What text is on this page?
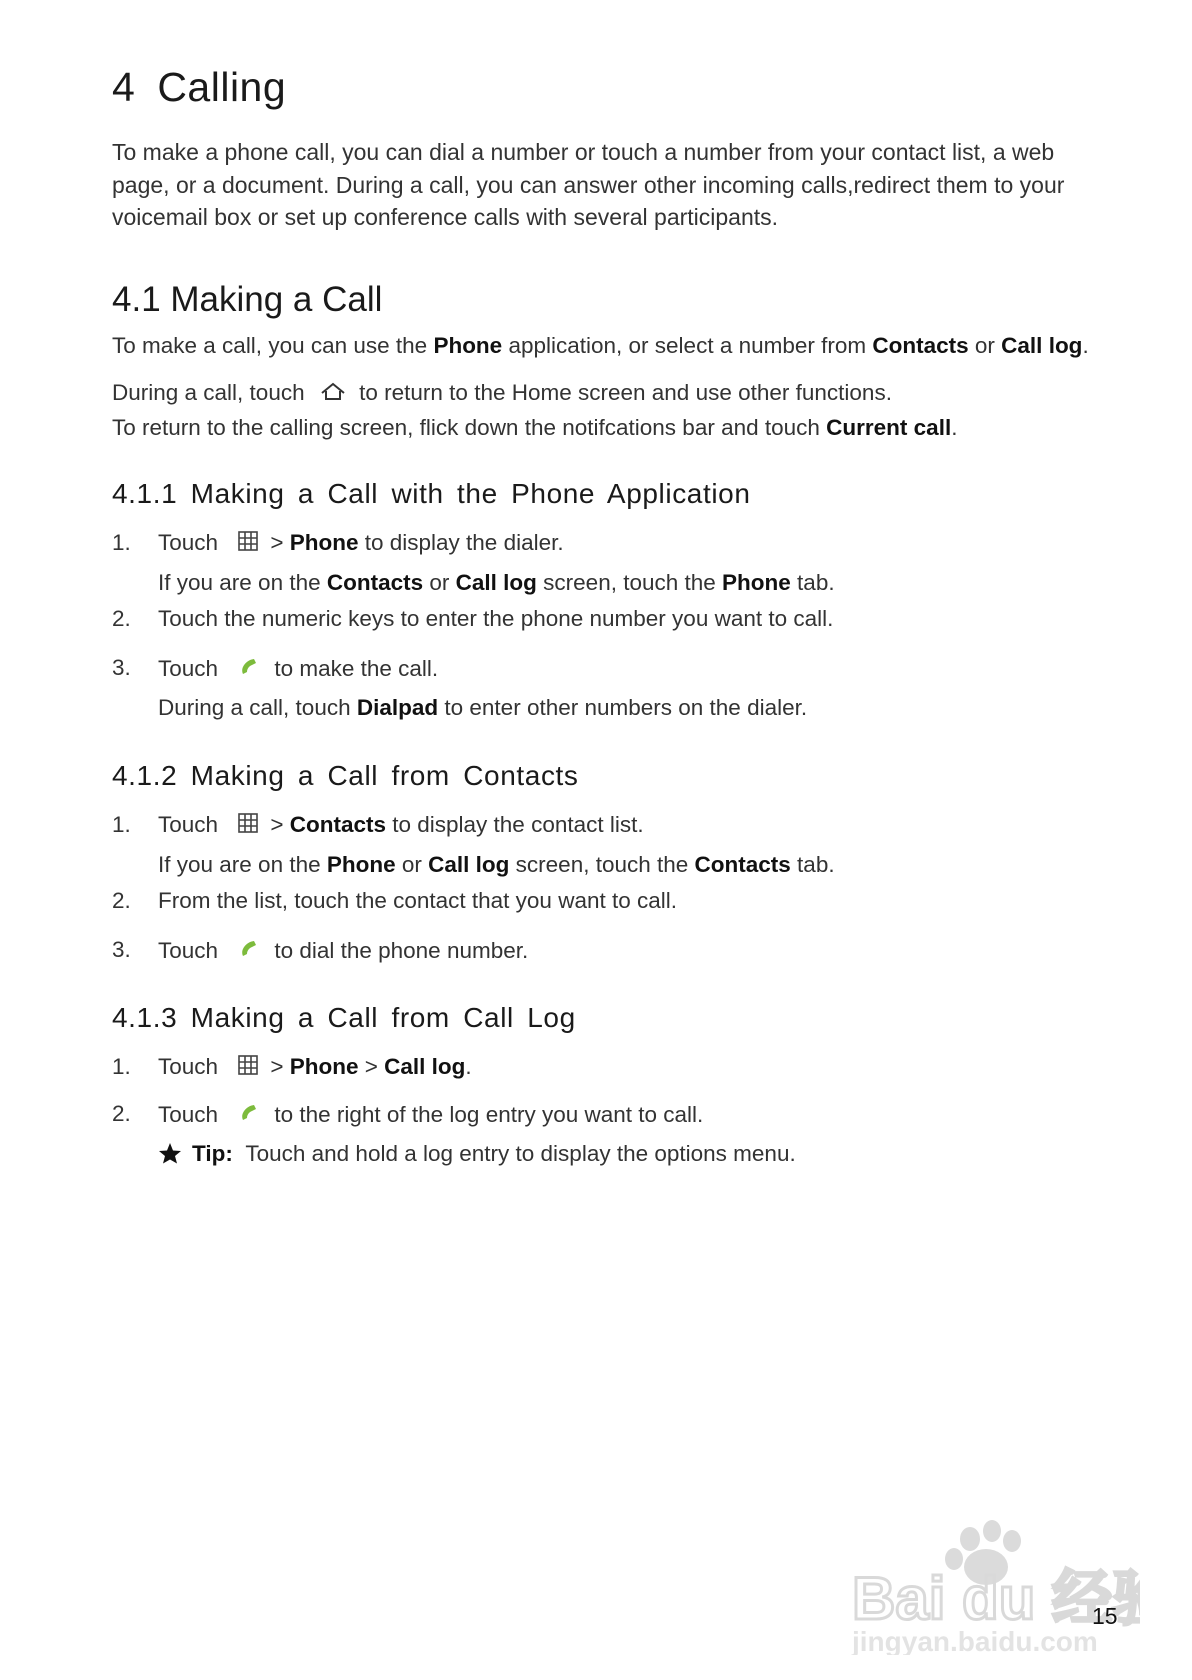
4 Calling
To make a phone call, you can dial a number or touch a number from your contact list, a web page, or a document. During a call, you can answer other incoming calls,redirect them to your voicemail box or set up conference calls with several participants.
4.1 Making a Call
To make a call, you can use the Phone application, or select a number from Contacts or Call log.
During a call, touch to return to the Home screen and use other functions.
To return to the calling screen, flick down the notifcations bar and touch Current call.
4.1.1 Making a Call with the Phone Application
1. Touch > Phone to display the dialer.
If you are on the Contacts or Call log screen, touch the Phone tab.
2. Touch the numeric keys to enter the phone number you want to call.
3. Touch	to make the call.
During a call, touch Dialpad to enter other numbers on the dialer.
4.1.2 Making a Call from Contacts
1. Touch > Contacts to display the contact list.
If you are on the Phone or Call log screen, touch the Contacts tab.
2. From the list, touch the contact that you want to call.
3. Touch	to dial the phone number.
4.1.3 Making a Call from Call Log
1. Touch > Phone > Call log.
2. Touch	to the right of the log entry you want to call.
Tip: Touch and hold a log entry to display the options menu.
Bai du 经
jingyan.baidu.com
15
